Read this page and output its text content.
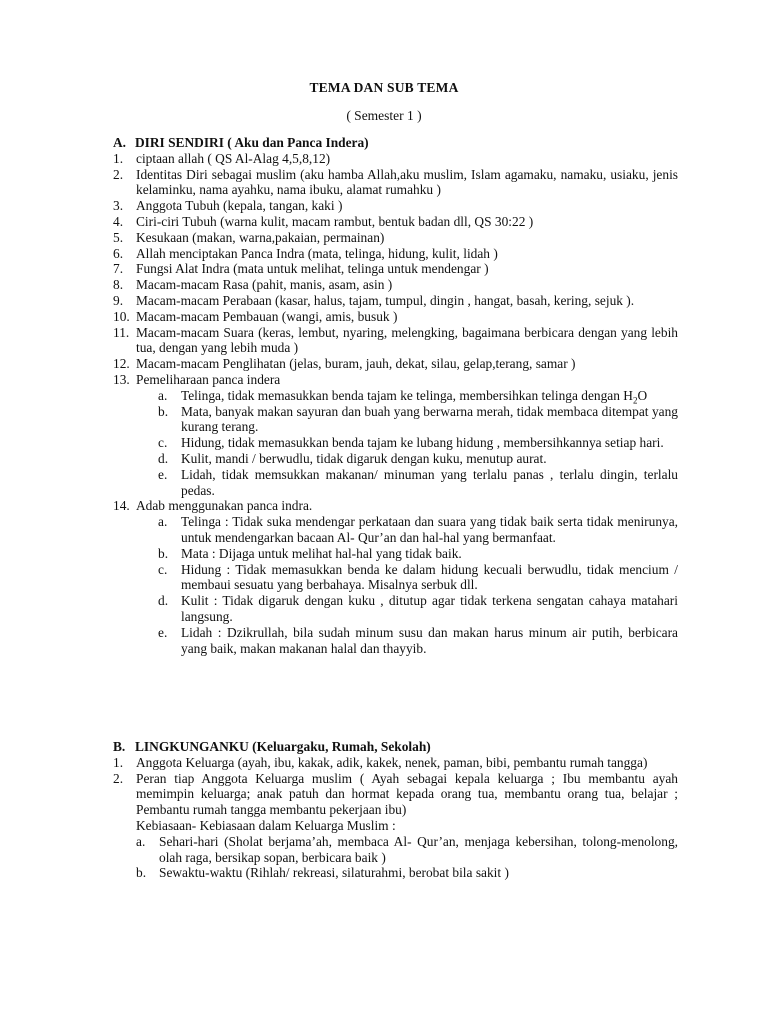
TEMA DAN SUB TEMA
( Semester 1 )
A. DIRI SENDIRI ( Aku dan Panca Indera)
1. ciptaan allah ( QS Al-Alag 4,5,8,12)
2. Identitas Diri sebagai muslim (aku hamba Allah,aku muslim, Islam agamaku, namaku, usiaku, jenis kelaminku, nama ayahku, nama ibuku, alamat rumahku )
3. Anggota Tubuh (kepala, tangan, kaki )
4. Ciri-ciri Tubuh (warna kulit, macam rambut, bentuk badan dll, QS 30:22 )
5. Kesukaan (makan, warna,pakaian, permainan)
6. Allah menciptakan Panca Indra (mata, telinga, hidung, kulit, lidah )
7. Fungsi Alat Indra (mata untuk melihat, telinga untuk mendengar )
8. Macam-macam Rasa (pahit, manis, asam, asin )
9. Macam-macam Perabaan (kasar, halus, tajam, tumpul, dingin , hangat, basah, kering, sejuk ).
10. Macam-macam Pembauan (wangi, amis, busuk )
11. Macam-macam Suara (keras, lembut, nyaring, melengking, bagaimana berbicara dengan yang lebih tua, dengan yang lebih muda )
12. Macam-macam Penglihatan (jelas, buram, jauh, dekat, silau, gelap,terang, samar )
13. Pemeliharaan panca indera
a.	Telinga, tidak memasukkan benda tajam ke telinga, membersihkan telinga dengan $H_2O$
b. Mata, banyak makan sayuran dan buah yang berwarna merah, tidak membaca ditempat yang kurang terang.
c.	Hidung, tidak memasukkan benda tajam ke lubang hidung , membersihkannya setiap hari.
d. Kulit, mandi / berwudlu, tidak digaruk dengan kuku, menutup aurat.
e.	Lidah, tidak memsukkan makanan/ minuman yang terlalu panas , terlalu dingin, terlalu pedas.
14. Adab menggunakan panca indra.
a.	Telinga : Tidak suka mendengar perkataan dan suara yang tidak baik serta tidak menirunya, untuk mendengarkan bacaan Al- Qur’an dan hal-hal yang bermanfaat.
b. Mata : Dijaga untuk melihat hal-hal yang tidak baik.
c.	Hidung : Tidak memasukkan benda ke dalam hidung kecuali berwudlu, tidak mencium / membaui sesuatu yang berbahaya. Misalnya serbuk dll.
d. Kulit : Tidak digaruk dengan kuku , ditutup agar tidak terkena sengatan cahaya matahari langsung.
e.	Lidah : Dzikrullah, bila sudah minum susu dan makan harus minum air putih, berbicara yang baik, makan makanan halal dan thayyib.
B. LINGKUNGANKU (Keluargaku, Rumah, Sekolah)
1. Anggota Keluarga (ayah, ibu, kakak, adik, kakek, nenek, paman, bibi, pembantu rumah tangga)
2. Peran tiap Anggota Keluarga muslim ( Ayah sebagai kepala keluarga ; Ibu membantu ayah memimpin keluarga; anak patuh dan hormat kepada orang tua, membantu orang tua, belajar ; Pembantu rumah tangga membantu pekerjaan ibu)
Kebiasaan- Kebiasaan dalam Keluarga Muslim :
a.	Sehari-hari (Sholat berjama’ah, membaca Al- Qur’an, menjaga kebersihan, tolong-menolong, olah raga, bersikap sopan, berbicara baik )
b. Sewaktu-waktu (Rihlah/ rekreasi, silaturahmi, berobat bila sakit )
